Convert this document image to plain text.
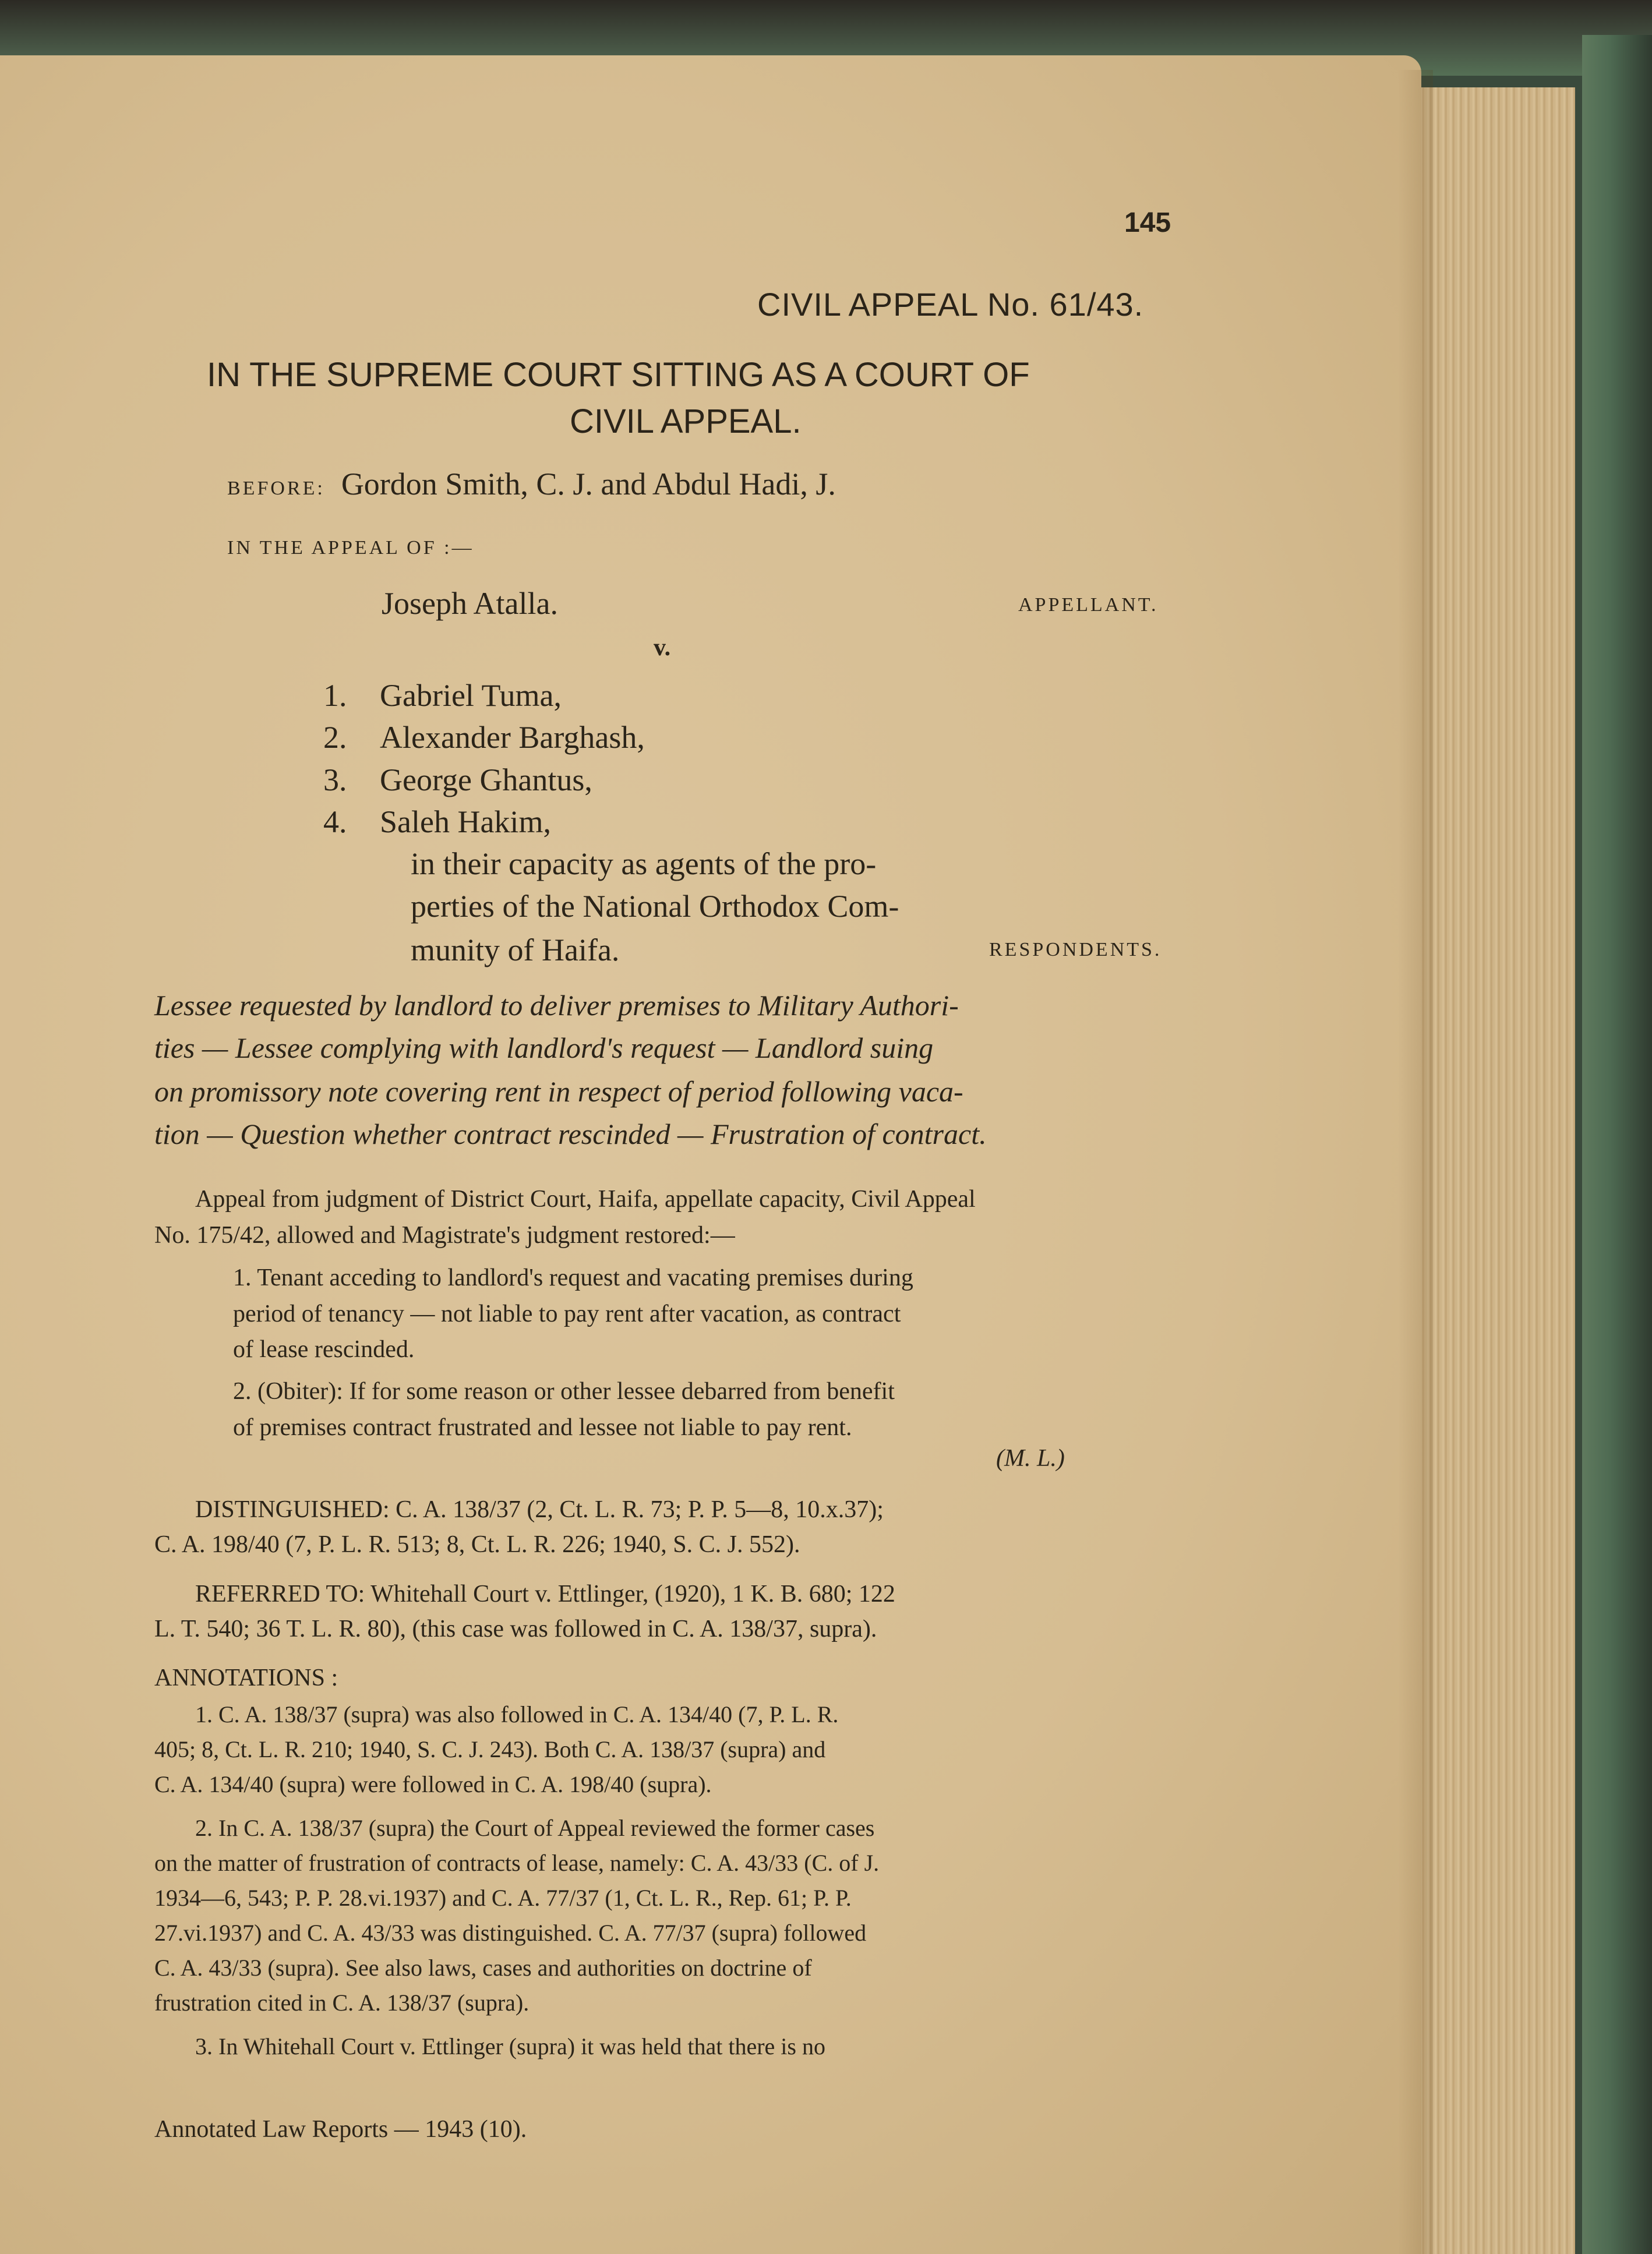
145
CIVIL APPEAL No. 61/43.
IN THE SUPREME COURT SITTING AS A COURT OF
CIVIL APPEAL.
BEFORE: Gordon Smith, C. J. and Abdul Hadi, J.
IN THE APPEAL OF :—
Joseph Atalla.	APPELLANT.
v.
1. Gabriel Tuma,
2. Alexander Barghash,
3. George Ghantus,
4. Saleh Hakim,
in their capacity as agents of the pro-
perties of the National Orthodox Com-
munity of Haifa.	RESPONDENTS.
Lessee requested by landlord to deliver premises to Military Authori-
ties — Lessee complying with landlord's request — Landlord suing
on promissory note covering rent in respect of period following vaca-
tion — Question whether contract rescinded — Frustration of contract.
Appeal from judgment of District Court, Haifa, appellate capacity, Civil Appeal
No. 175/42, allowed and Magistrate's judgment restored:—
1. Tenant acceding to landlord's request and vacating premises during
period of tenancy — not liable to pay rent after vacation, as contract
of lease rescinded.
2. (Obiter): If for some reason or other lessee debarred from benefit
of premises contract frustrated and lessee not liable to pay rent.
(M. L.)
DISTINGUISHED: C. A. 138/37 (2, Ct. L. R. 73; P. P. 5—8, 10.x.37);
C. A. 198/40 (7, P. L. R. 513; 8, Ct. L. R. 226; 1940, S. C. J. 552).
REFERRED TO: Whitehall Court v. Ettlinger, (1920), 1 K. B. 680; 122
L. T. 540; 36 T. L. R. 80), (this case was followed in C. A. 138/37, supra).
ANNOTATIONS :
1. C. A. 138/37 (supra) was also followed in C. A. 134/40 (7, P. L. R.
405; 8, Ct. L. R. 210; 1940, S. C. J. 243). Both C. A. 138/37 (supra) and
C. A. 134/40 (supra) were followed in C. A. 198/40 (supra).
2. In C. A. 138/37 (supra) the Court of Appeal reviewed the former cases
on the matter of frustration of contracts of lease, namely: C. A. 43/33 (C. of J.
1934—6, 543; P. P. 28.vi.1937) and C. A. 77/37 (1, Ct. L. R., Rep. 61; P. P.
27.vi.1937) and C. A. 43/33 was distinguished. C. A. 77/37 (supra) followed
C. A. 43/33 (supra). See also laws, cases and authorities on doctrine of
frustration cited in C. A. 138/37 (supra).
3. In Whitehall Court v. Ettlinger (supra) it was held that there is no
Annotated Law Reports — 1943 (10).
